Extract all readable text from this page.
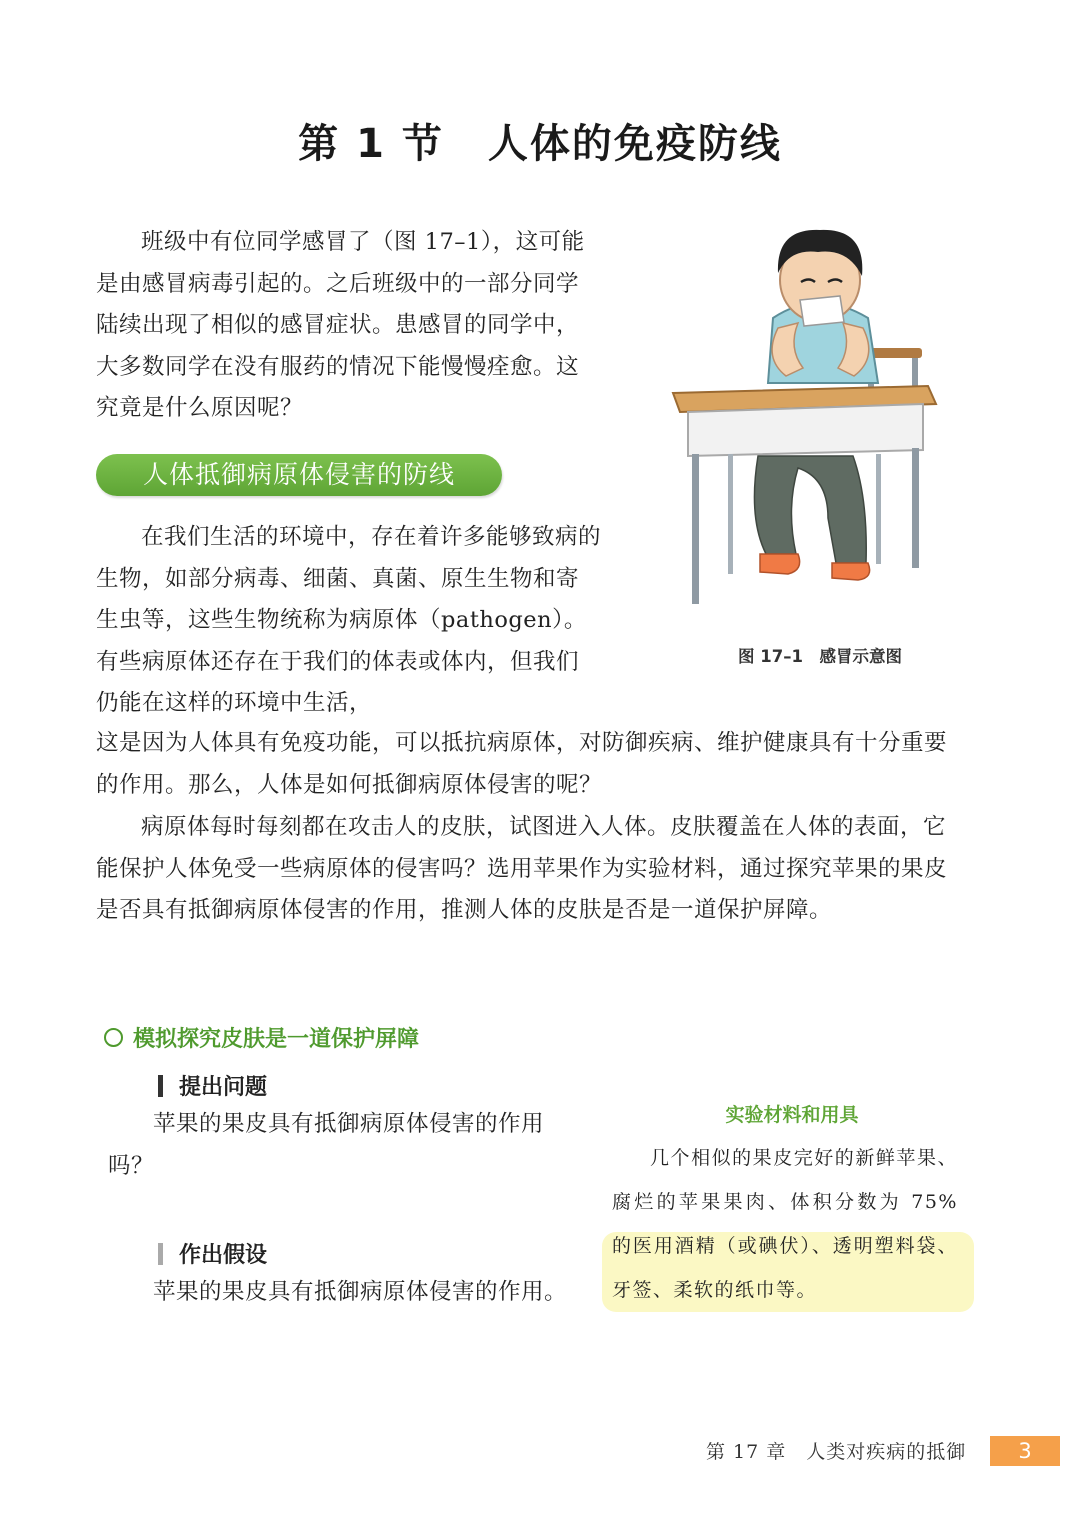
第 1 节 人体的免疫防线

班级中有位同学感冒了（图 17–1），这可能是由感冒病毒引起的。之后班级中的一部分同学陆续出现了相似的感冒症状。患感冒的同学中，大多数同学在没有服药的情况下能慢慢痊愈。这究竟是什么原因呢？

图 17–1　感冒示意图
人体抵御病原体侵害的防线

在我们生活的环境中，存在着许多能够致病的生物，如部分病毒、细菌、真菌、原生生物和寄生虫等，这些生物统称为病原体（pathogen）。有些病原体还存在于我们的体表或体内，但我们仍能在这样的环境中生活，

这是因为人体具有免疫功能，可以抵抗病原体，对防御疾病、维护健康具有十分重要的作用。那么，人体是如何抵御病原体侵害的呢？

病原体每时每刻都在攻击人的皮肤，试图进入人体。皮肤覆盖在人体的表面，它能保护人体免受一些病原体的侵害吗？选用苹果作为实验材料，通过探究苹果的果皮是否具有抵御病原体侵害的作用，推测人体的皮肤是否是一道保护屏障。

模拟探究皮肤是一道保护屏障
提出问题

苹果的果皮具有抵御病原体侵害的作用吗？

作出假设

苹果的果皮具有抵御病原体侵害的作用。

实验材料和用具

几个相似的果皮完好的新鲜苹果、腐烂的苹果果肉、体积分数为 75% 的医用酒精（或碘伏）、透明塑料袋、牙签、柔软的纸巾等。

第 17 章　人类对疾病的抵御	3
